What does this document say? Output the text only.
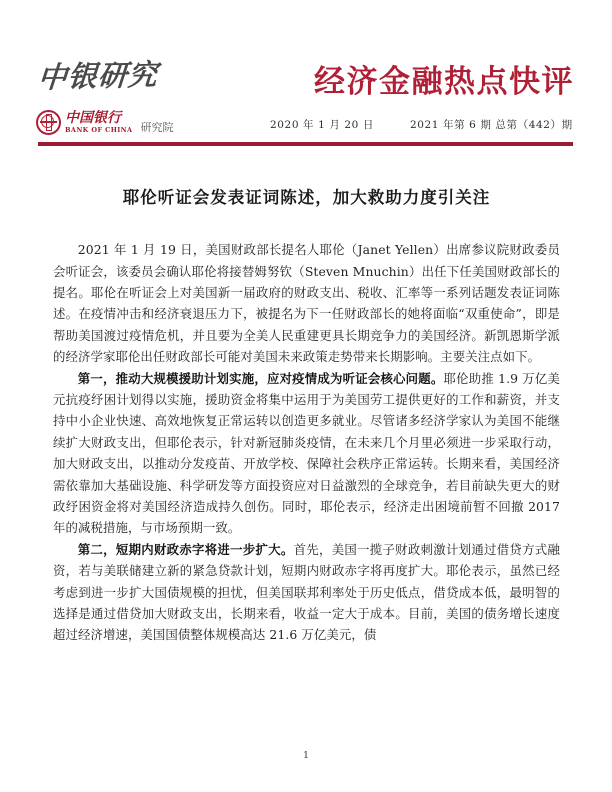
中银研究	经济金融热点快评
中国银行
BANK OF CHINA 研究院	2020 年 1 月 20 日	2021 年第 6 期 总第（442）期
耶伦听证会发表证词陈述，加大救助力度引关注

2021 年 1 月 19 日，美国财政部长提名人耶伦（Janet Yellen）出席参议院财政委员会听证会，该委员会确认耶伦将接替姆努钦（Steven Mnuchin）出任下任美国财政部长的提名。耶伦在听证会上对美国新一届政府的财政支出、税收、汇率等一系列话题发表证词陈述。在疫情冲击和经济衰退压力下，被提名为下一任财政部长的她将面临“双重使命”，即是帮助美国渡过疫情危机，并且要为全美人民重建更具长期竞争力的美国经济。新凯恩斯学派的经济学家耶伦出任财政部长可能对美国未来政策走势带来长期影响。主要关注点如下。

第一，推动大规模援助计划实施，应对疫情成为听证会核心问题。耶伦助推 1.9 万亿美元抗疫纾困计划得以实施，援助资金将集中运用于为美国劳工提供更好的工作和薪资，并支持中小企业快速、高效地恢复正常运转以创造更多就业。尽管诸多经济学家认为美国不能继续扩大财政支出，但耶伦表示，针对新冠肺炎疫情，在未来几个月里必须进一步采取行动，加大财政支出，以推动分发疫苗、开放学校、保障社会秩序正常运转。长期来看，美国经济需依靠加大基础设施、科学研发等方面投资应对日益激烈的全球竞争，若目前缺失更大的财政纾困资金将对美国经济造成持久创伤。同时，耶伦表示，经济走出困境前暂不回撤 2017 年的减税措施，与市场预期一致。

第二，短期内财政赤字将进一步扩大。首先，美国一揽子财政刺激计划通过借贷方式融资，若与美联储建立新的紧急贷款计划，短期内财政赤字将再度扩大。耶伦表示，虽然已经考虑到进一步扩大国债规模的担忧，但美国联邦利率处于历史低点，借贷成本低，最明智的选择是通过借贷加大财政支出，长期来看，收益一定大于成本。目前，美国的债务增长速度超过经济增速，美国国债整体规模高达 21.6 万亿美元，债

1
